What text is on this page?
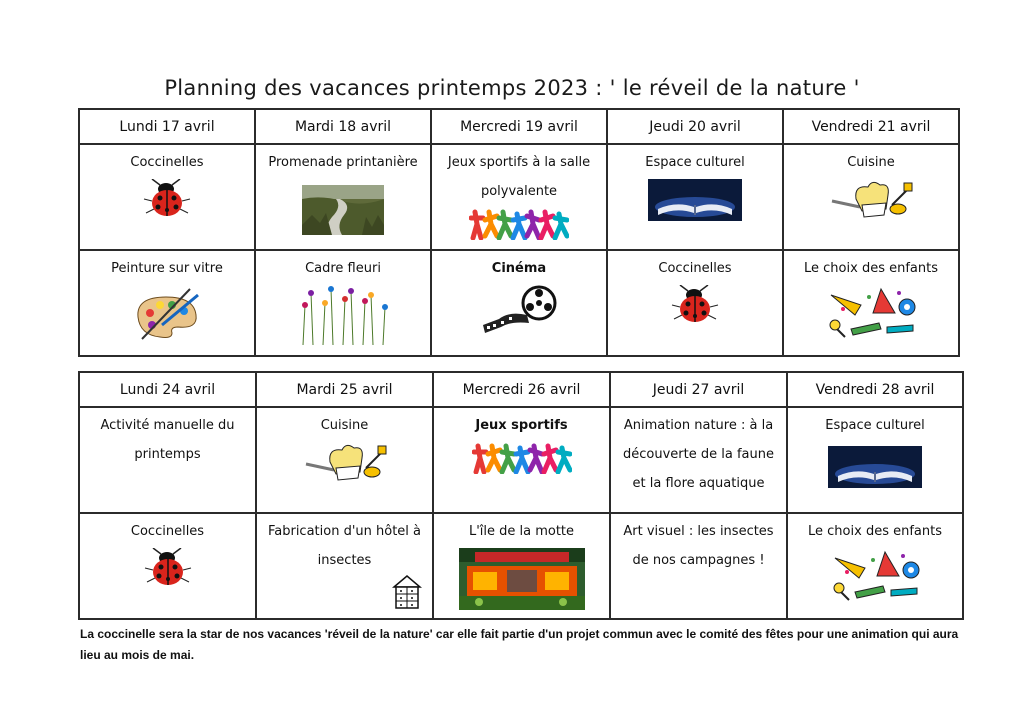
Planning des vacances printemps 2023 : ' le réveil de la nature '
Lundi 17 avril	Mardi 18 avril	Mercredi 19 avril	Jeudi 20 avril	Vendredi 21 avril

Coccinelles	Promenade printanière	Jeux sportifs à la salle polyvalente	Espace culturel	Cuisine

Peinture sur vitre	Cadre fleuri	Cinéma	Coccinelles	Le choix des enfants
Lundi 24 avril	Mardi 25 avril	Mercredi 26 avril	Jeudi 27 avril	Vendredi 28 avril

Activité manuelle du printemps	Cuisine	Jeux sportifs	Animation nature : à la découverte de la faune et la flore aquatique	Espace culturel

Coccinelles	Fabrication d'un hôtel à insectes	L'île de la motte	Art visuel : les insectes de nos campagnes !	Le choix des enfants
La coccinelle sera la star de nos vacances 'réveil de la nature' car elle fait partie d'un projet commun avec le comité des fêtes pour une animation qui aura lieu au mois de mai.
